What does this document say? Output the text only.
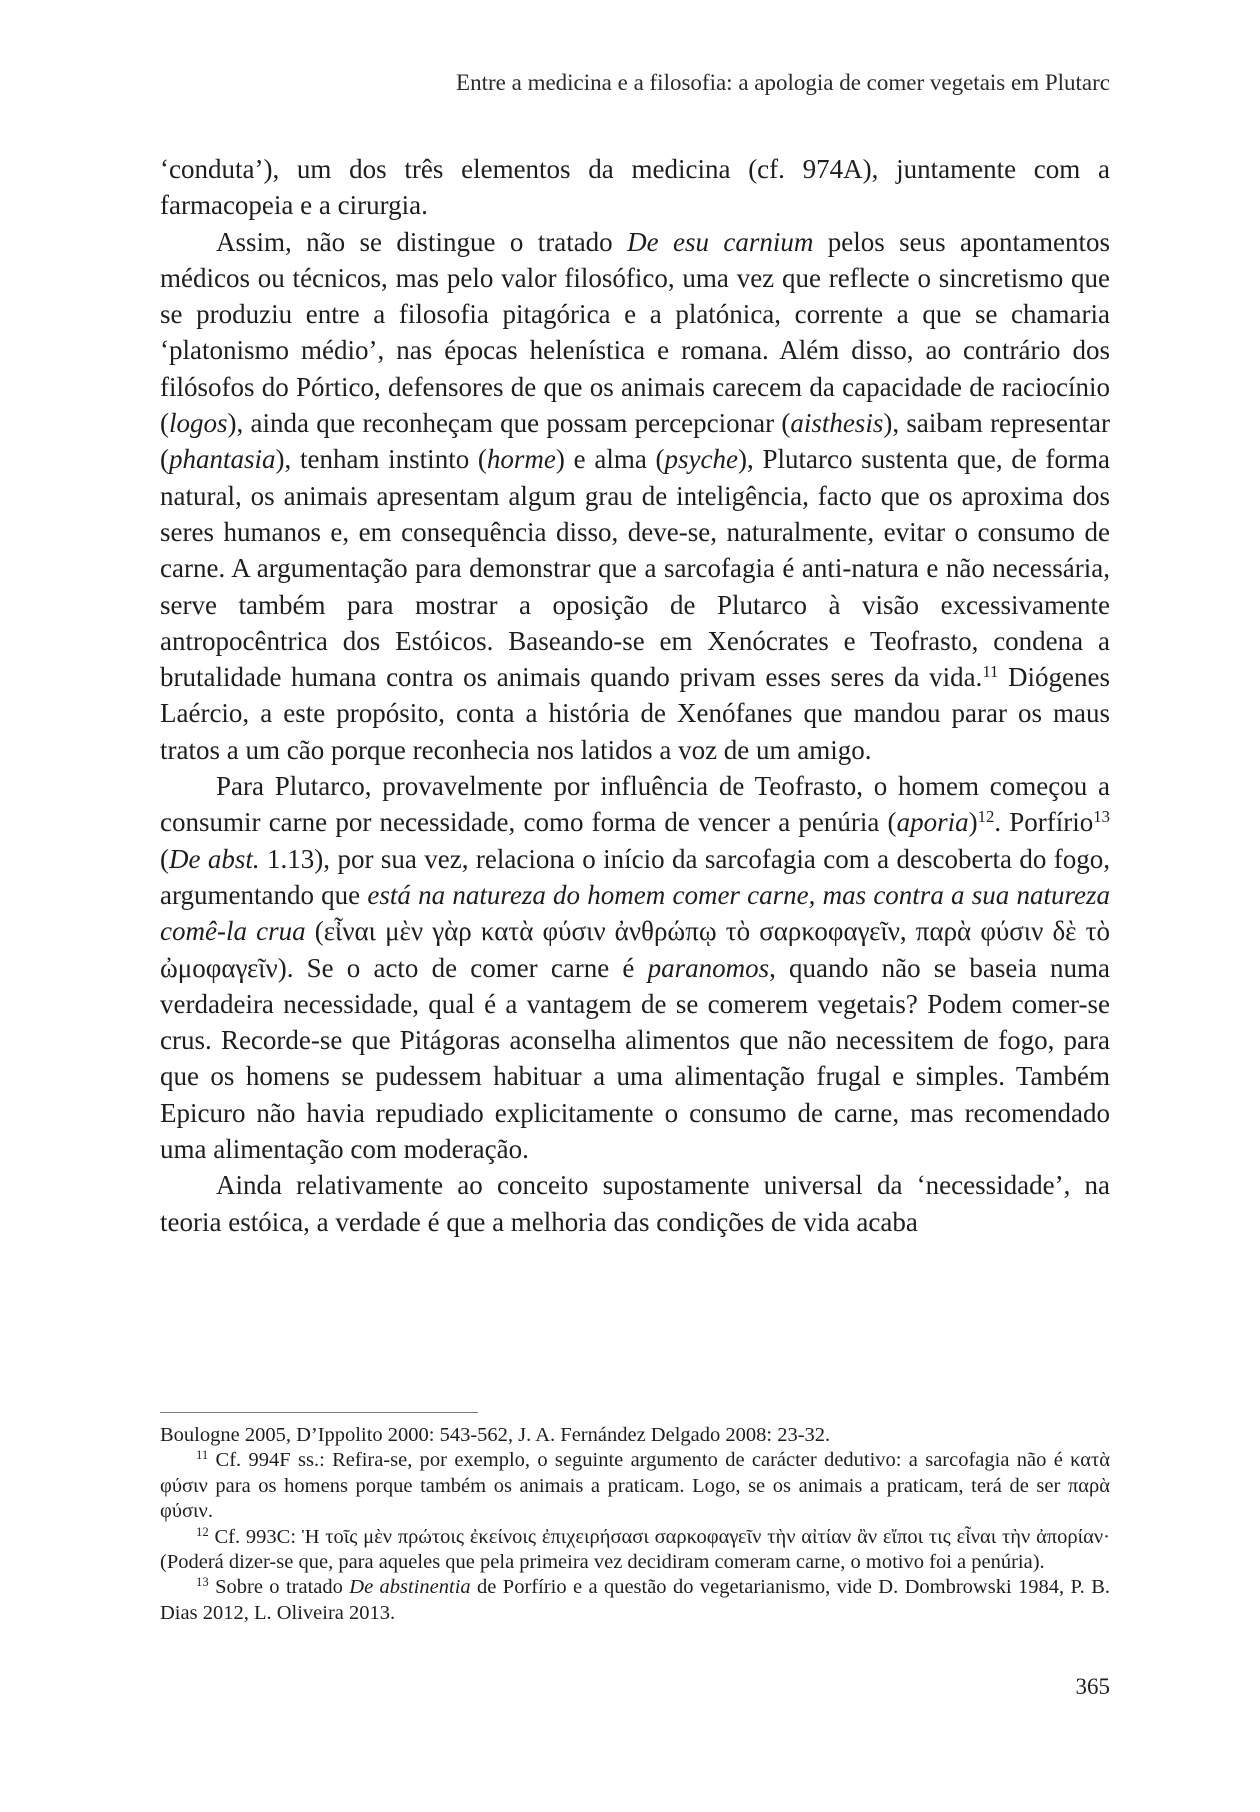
Entre a medicina e a filosofia: a apologia de comer vegetais em Plutarc

‘conduta’), um dos três elementos da medicina (cf. 974A), juntamente com a farmacopeia e a cirurgia.

Assim, não se distingue o tratado De esu carnium pelos seus apontamentos médicos ou técnicos, mas pelo valor filosófico, uma vez que reflecte o sincretismo que se produziu entre a filosofia pitagórica e a platónica, corrente a que se chamaria ‘platonismo médio’, nas épocas helenística e romana. Além disso, ao contrário dos filósofos do Pórtico, defensores de que os animais carecem da capacidade de raciocínio (logos), ainda que reconheçam que possam percepcionar (aisthesis), saibam representar (phantasia), tenham instinto (horme) e alma (psyche), Plutarco sustenta que, de forma natural, os animais apresentam algum grau de inteligência, facto que os aproxima dos seres humanos e, em consequência disso, deve-se, naturalmente, evitar o consumo de carne. A argumentação para demonstrar que a sarcofagia é anti-natura e não necessária, serve também para mostrar a oposição de Plutarco à visão excessivamente antropocêntrica dos Estóicos. Baseando-se em Xenócrates e Teofrasto, condena a brutalidade humana contra os animais quando privam esses seres da vida.$^{11}$ Diógenes Laércio, a este propósito, conta a história de Xenófanes que mandou parar os maus tratos a um cão porque reconhecia nos latidos a voz de um amigo.

Para Plutarco, provavelmente por influência de Teofrasto, o homem começou a consumir carne por necessidade, como forma de vencer a penúria (aporia)$^{12}$. Porfírio$^{13}$ (De abst. 1.13), por sua vez, relaciona o início da sarcofagia com a descoberta do fogo, argumentando que está na natureza do homem comer carne, mas contra a sua natureza comê-la crua (εἶναι μὲν γὰρ κατὰ φύσιν ἀνθρώπῳ τὸ σαρκοφαγεῖν, παρὰ φύσιν δὲ τὸ ὠμοφαγεῖν). Se o acto de comer carne é paranomos, quando não se baseia numa verdadeira necessidade, qual é a vantagem de se comerem vegetais? Podem comer-se crus. Recorde-se que Pitágoras aconselha alimentos que não necessitem de fogo, para que os homens se pudessem habituar a uma alimentação frugal e simples. Também Epicuro não havia repudiado explicitamente o consumo de carne, mas recomendado uma alimentação com moderação.

Ainda relativamente ao conceito supostamente universal da ‘necessidade’, na teoria estóica, a verdade é que a melhoria das condições de vida acaba

Boulogne 2005, D’Ippolito 2000: 543-562, J. A. Fernández Delgado 2008: 23-32.

$^{11}$ Cf. 994F ss.: Refira-se, por exemplo, o seguinte argumento de carácter dedutivo: a sarcofagia não é κατὰ φύσιν para os homens porque também os animais a praticam. Logo, se os animais a praticam, terá de ser παρὰ φύσιν.

$^{12}$ Cf. 993C: Ἡ τοῖς μὲν πρώτοις ἐκείνοις ἐπιχειρήσασι σαρκοφαγεῖν τὴν αἰτίαν ἂν εἴποι τις εἶναι τὴν ἀπορίαν· (Poderá dizer-se que, para aqueles que pela primeira vez decidiram comeram carne, o motivo foi a penúria).

$^{13}$ Sobre o tratado De abstinentia de Porfírio e a questão do vegetarianismo, vide D. Dombrowski 1984, P. B. Dias 2012, L. Oliveira 2013.

365
